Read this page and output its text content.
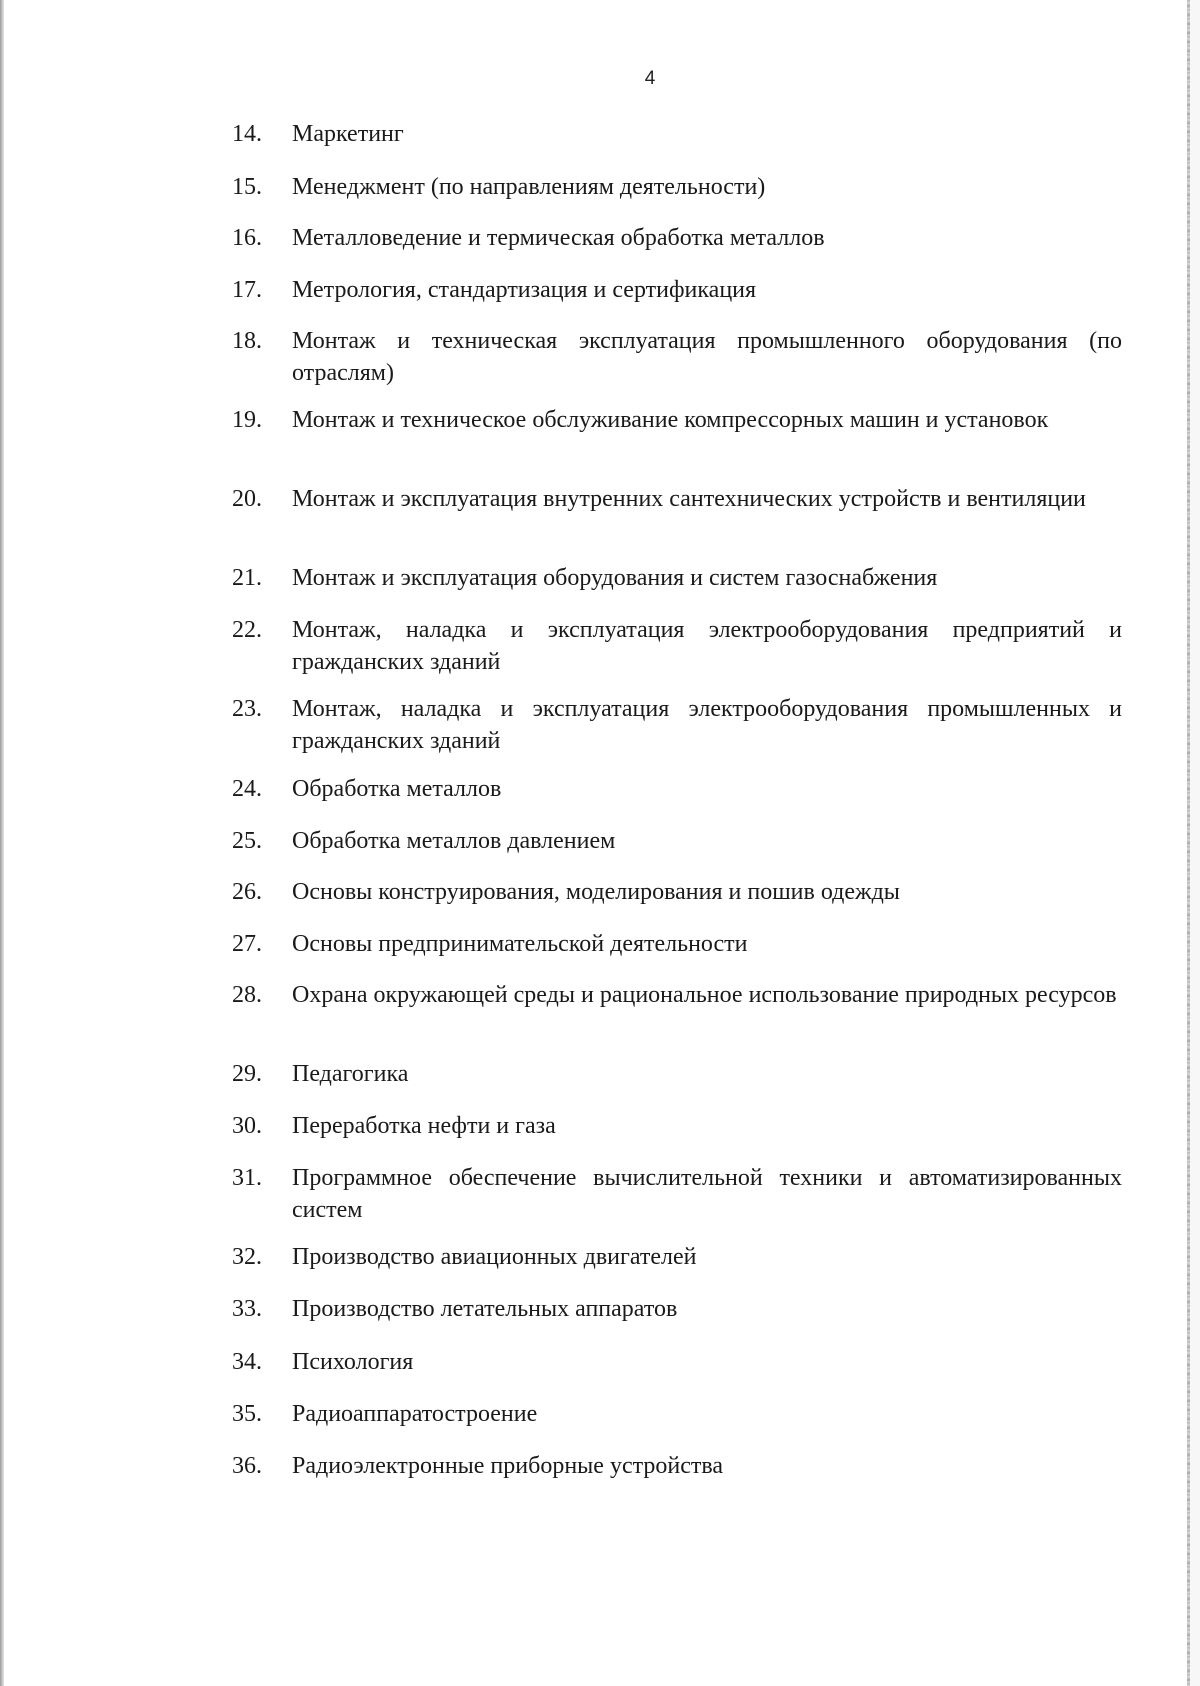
4
14.	Маркетинг
15.	Менеджмент (по направлениям деятельности)
16.	Металловедение и термическая обработка металлов
17.	Метрология, стандартизация и сертификация
18.	Монтаж и техническая эксплуатация промышленного оборудования (по отраслям)
19.	Монтаж и техническое обслуживание компрессорных машин и установок
20.	Монтаж и эксплуатация внутренних сантехнических устройств и вентиляции
21.	Монтаж и эксплуатация оборудования и систем газоснабжения
22.	Монтаж, наладка и эксплуатация электрооборудования предприятий и гражданских зданий
23.	Монтаж, наладка и эксплуатация электрооборудования промышленных и гражданских зданий
24.	Обработка металлов
25.	Обработка металлов давлением
26.	Основы конструирования, моделирования и пошив одежды
27.	Основы предпринимательской деятельности
28.	Охрана окружающей среды и рациональное использование природных ресурсов
29.	Педагогика
30.	Переработка нефти и газа
31.	Программное обеспечение вычислительной техники и автоматизированных систем
32.	Производство авиационных двигателей
33.	Производство летательных аппаратов
34.	Психология
35.	Радиоаппаратостроение
36.	Радиоэлектронные приборные устройства
